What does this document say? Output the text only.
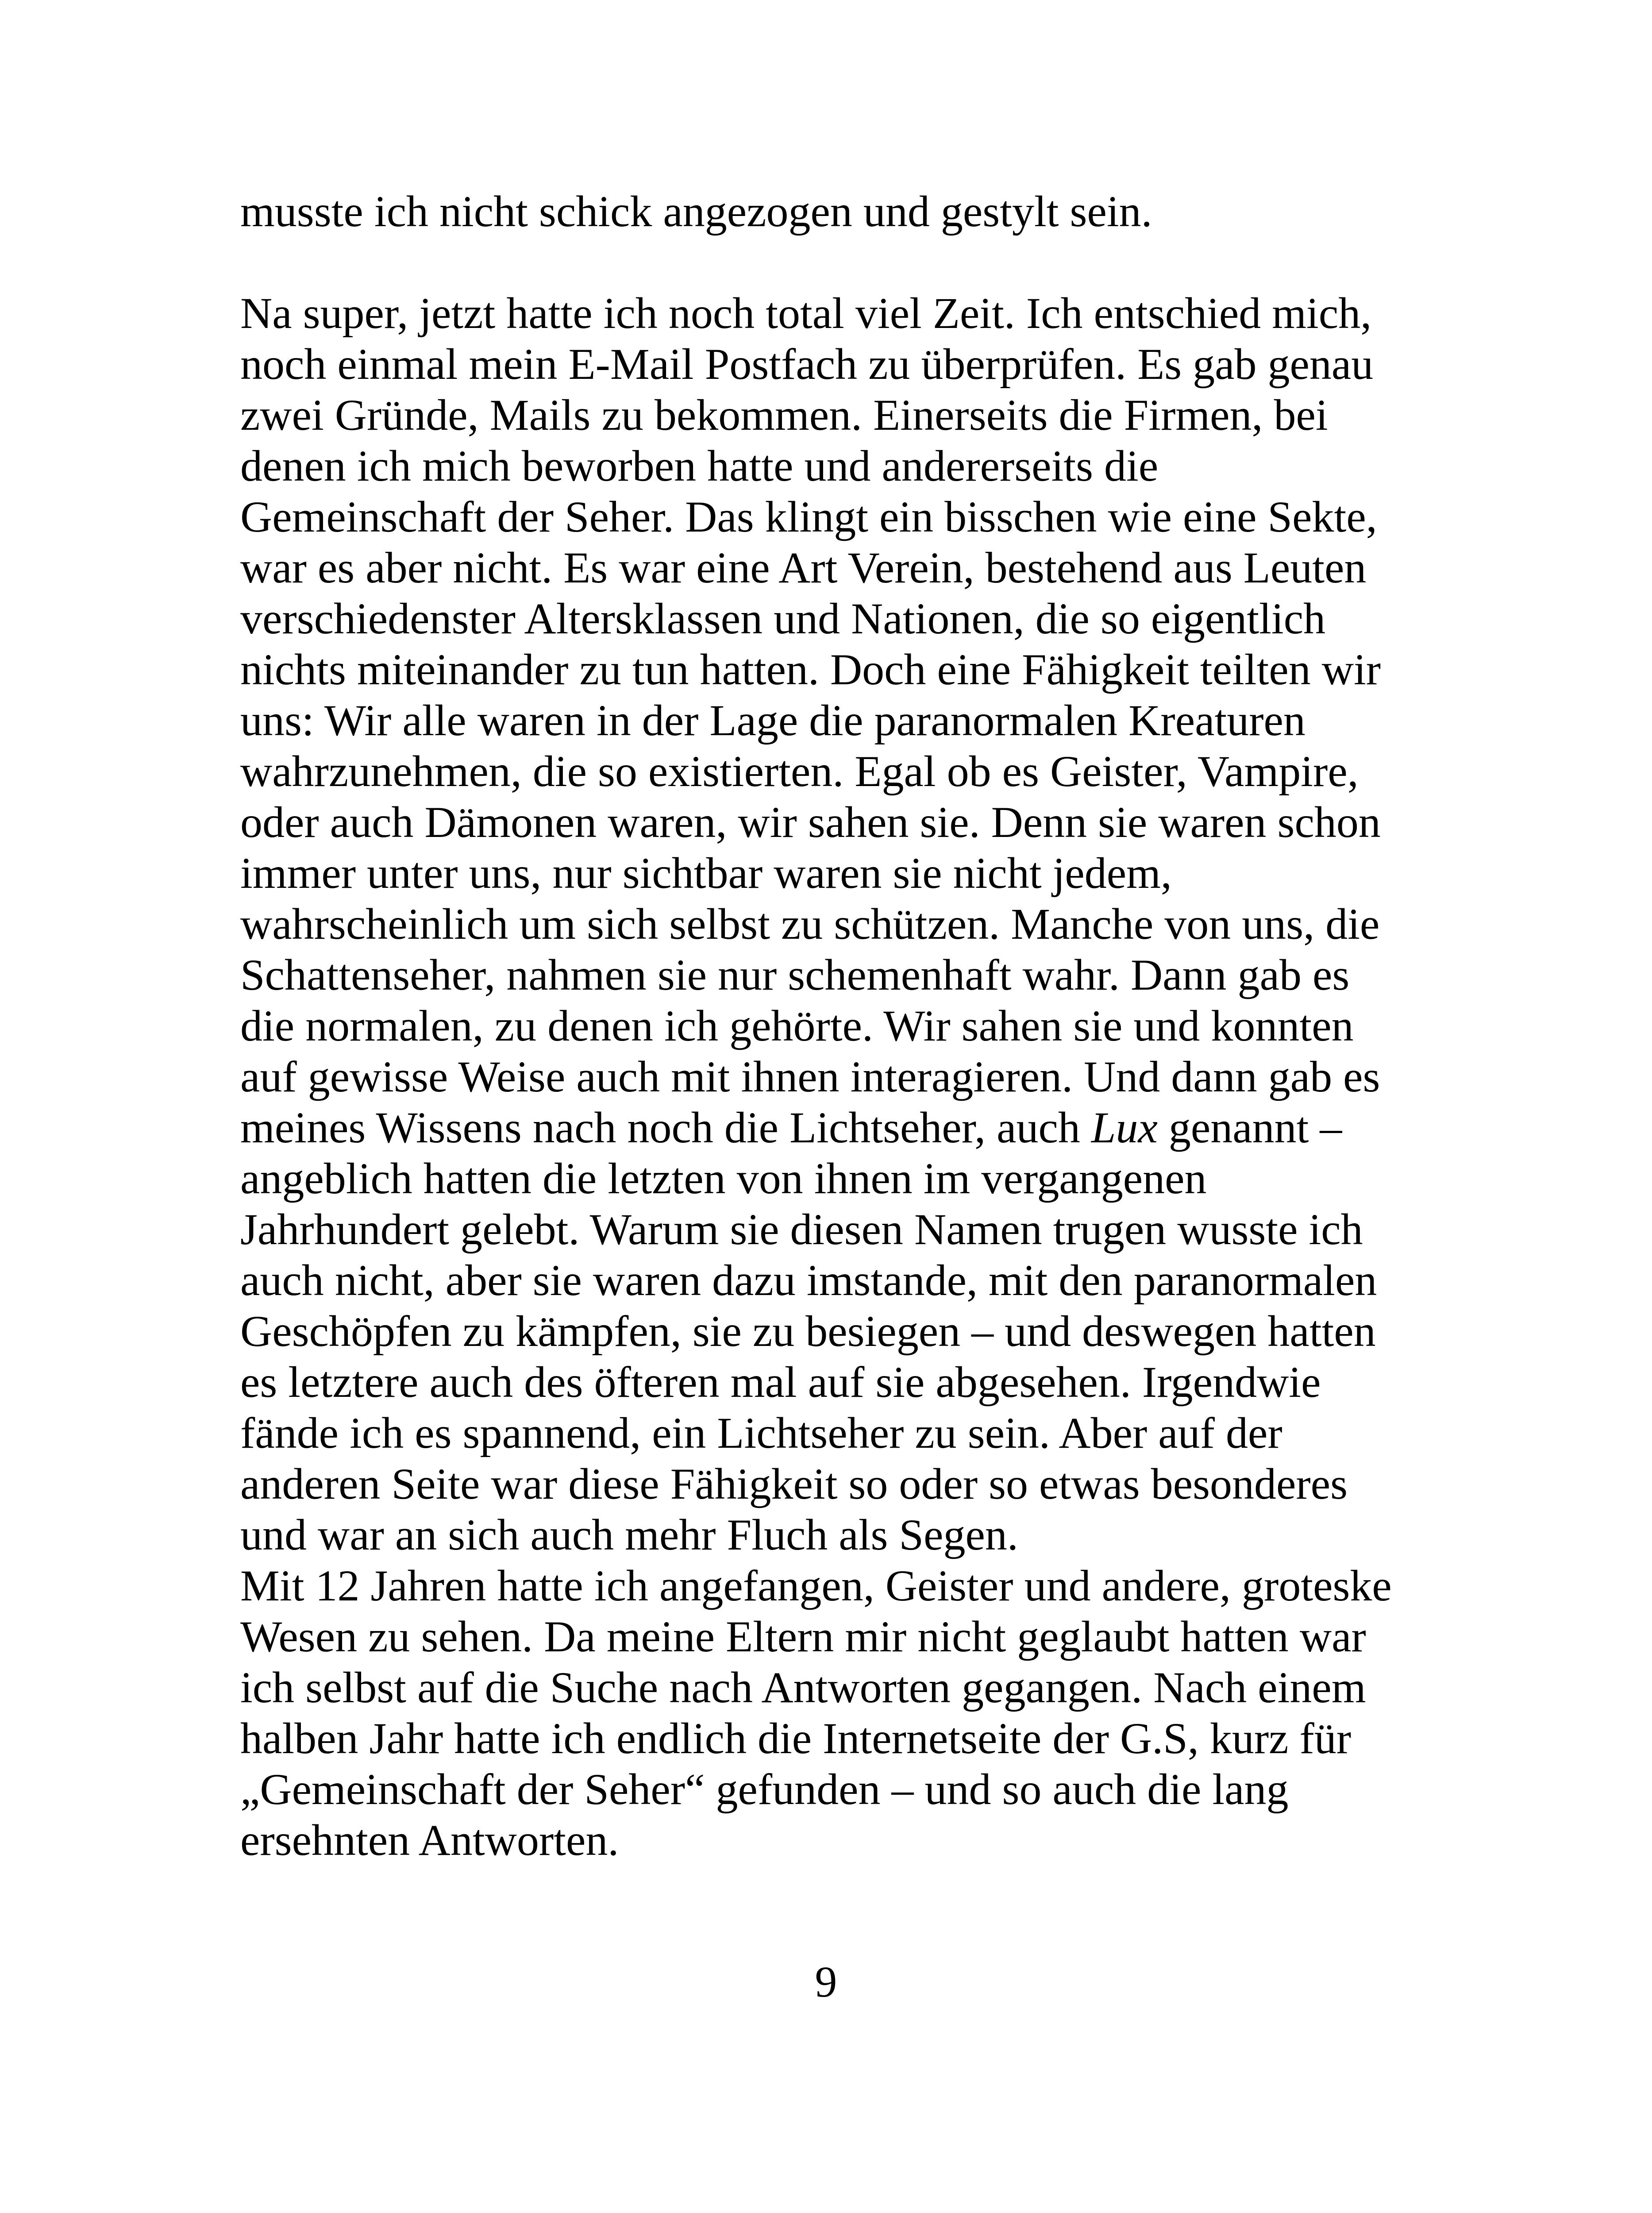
musste ich nicht schick angezogen und gestylt sein.
Na super, jetzt hatte ich noch total viel Zeit. Ich entschied mich,
noch einmal mein E-Mail Postfach zu überprüfen. Es gab genau
zwei Gründe, Mails zu bekommen. Einerseits die Firmen, bei
denen ich mich beworben hatte und andererseits die
Gemeinschaft der Seher. Das klingt ein bisschen wie eine Sekte,
war es aber nicht. Es war eine Art Verein, bestehend aus Leuten
verschiedenster Altersklassen und Nationen, die so eigentlich
nichts miteinander zu tun hatten. Doch eine Fähigkeit teilten wir
uns: Wir alle waren in der Lage die paranormalen Kreaturen
wahrzunehmen, die so existierten. Egal ob es Geister, Vampire,
oder auch Dämonen waren, wir sahen sie. Denn sie waren schon
immer unter uns, nur sichtbar waren sie nicht jedem,
wahrscheinlich um sich selbst zu schützen. Manche von uns, die
Schattenseher, nahmen sie nur schemenhaft wahr. Dann gab es
die normalen, zu denen ich gehörte. Wir sahen sie und konnten
auf gewisse Weise auch mit ihnen interagieren. Und dann gab es
meines Wissens nach noch die Lichtseher, auch Lux genannt –
angeblich hatten die letzten von ihnen im vergangenen
Jahrhundert gelebt. Warum sie diesen Namen trugen wusste ich
auch nicht, aber sie waren dazu imstande, mit den paranormalen
Geschöpfen zu kämpfen, sie zu besiegen – und deswegen hatten
es letztere auch des öfteren mal auf sie abgesehen. Irgendwie
fände ich es spannend, ein Lichtseher zu sein. Aber auf der
anderen Seite war diese Fähigkeit so oder so etwas besonderes
und war an sich auch mehr Fluch als Segen.
Mit 12 Jahren hatte ich angefangen, Geister und andere, groteske
Wesen zu sehen. Da meine Eltern mir nicht geglaubt hatten war
ich selbst auf die Suche nach Antworten gegangen. Nach einem
halben Jahr hatte ich endlich die Internetseite der G.S, kurz für
„Gemeinschaft der Seher“ gefunden – und so auch die lang
ersehnten Antworten.
9
